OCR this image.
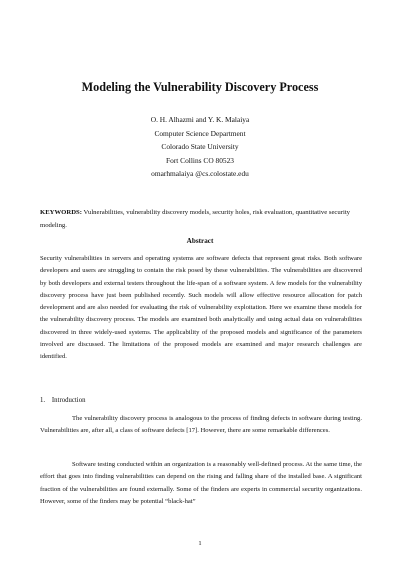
Modeling the Vulnerability Discovery Process
O. H. Alhazmi and Y. K. Malaiya
Computer Science Department
Colorado State University
Fort Collins CO 80523
omarhmalaiya @cs.colostate.edu
KEYWORDS: Vulnerabilities, vulnerability discovery models, security holes, risk evaluation, quantitative security modeling.
Abstract

Security vulnerabilities in servers and operating systems are software defects that represent great risks. Both software developers and users are struggling to contain the risk posed by these vulnerabilities. The vulnerabilities are discovered by both developers and external testers throughout the life-span of a software system. A few models for the vulnerability discovery process have just been published recently. Such models will allow effective resource allocation for patch development and are also needed for evaluating the risk of vulnerability exploitation. Here we examine these models for the vulnerability discovery process. The models are examined both analytically and using actual data on vulnerabilities discovered in three widely-used systems. The applicability of the proposed models and significance of the parameters involved are discussed. The limitations of the proposed models are examined and major research challenges are identified.

1.    Introduction

The vulnerability discovery process is analogous to the process of finding defects in software during testing. Vulnerabilities are, after all, a class of software defects [17]. However, there are some remarkable differences.

Software testing conducted within an organization is a reasonably well-defined process. At the same time, the effort that goes into finding vulnerabilities can depend on the rising and falling share of the installed base. A significant fraction of the vulnerabilities are found externally. Some of the finders are experts in commercial security organizations. However, some of the finders may be potential “black-hat”

1
